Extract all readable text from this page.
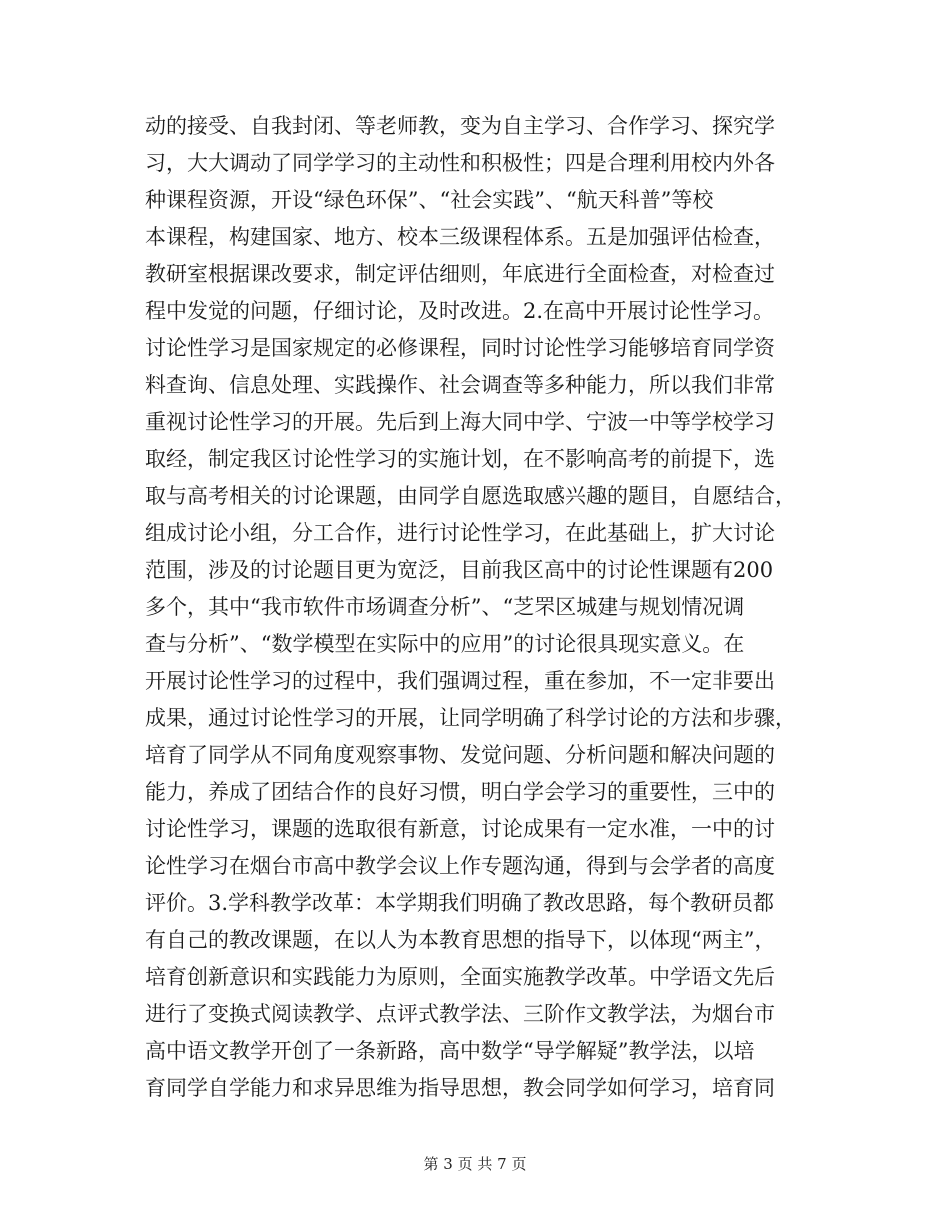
动的接受、自我封闭、等老师教，变为自主学习、合作学习、探究学
习，大大调动了同学学习的主动性和积极性；四是合理利用校内外各
种课程资源，开设“绿色环保”、“社会实践”、“航天科普”等校
本课程，构建国家、地方、校本三级课程体系。五是加强评估检查，
教研室根据课改要求，制定评估细则，年底进行全面检查，对检查过
程中发觉的问题，仔细讨论，及时改进。2.在高中开展讨论性学习。
讨论性学习是国家规定的必修课程，同时讨论性学习能够培育同学资
料查询、信息处理、实践操作、社会调查等多种能力，所以我们非常
重视讨论性学习的开展。先后到上海大同中学、宁波一中等学校学习
取经，制定我区讨论性学习的实施计划，在不影响高考的前提下，选
取与高考相关的讨论课题，由同学自愿选取感兴趣的题目，自愿结合，
组成讨论小组，分工合作，进行讨论性学习，在此基础上，扩大讨论
范围，涉及的讨论题目更为宽泛，目前我区高中的讨论性课题有200
多个，其中“我市软件市场调查分析”、“芝罘区城建与规划情况调
查与分析”、“数学模型在实际中的应用”的讨论很具现实意义。在
开展讨论性学习的过程中，我们强调过程，重在参加，不一定非要出
成果，通过讨论性学习的开展，让同学明确了科学讨论的方法和步骤，
培育了同学从不同角度观察事物、发觉问题、分析问题和解决问题的
能力，养成了团结合作的良好习惯，明白学会学习的重要性，三中的
讨论性学习，课题的选取很有新意，讨论成果有一定水准，一中的讨
论性学习在烟台市高中教学会议上作专题沟通，得到与会学者的高度
评价。3.学科教学改革：本学期我们明确了教改思路，每个教研员都
有自己的教改课题，在以人为本教育思想的指导下，以体现“两主”，
培育创新意识和实践能力为原则，全面实施教学改革。中学语文先后
进行了变换式阅读教学、点评式教学法、三阶作文教学法，为烟台市
高中语文教学开创了一条新路，高中数学“导学解疑”教学法，以培
育同学自学能力和求异思维为指导思想，教会同学如何学习，培育同
第 3 页 共 7 页
